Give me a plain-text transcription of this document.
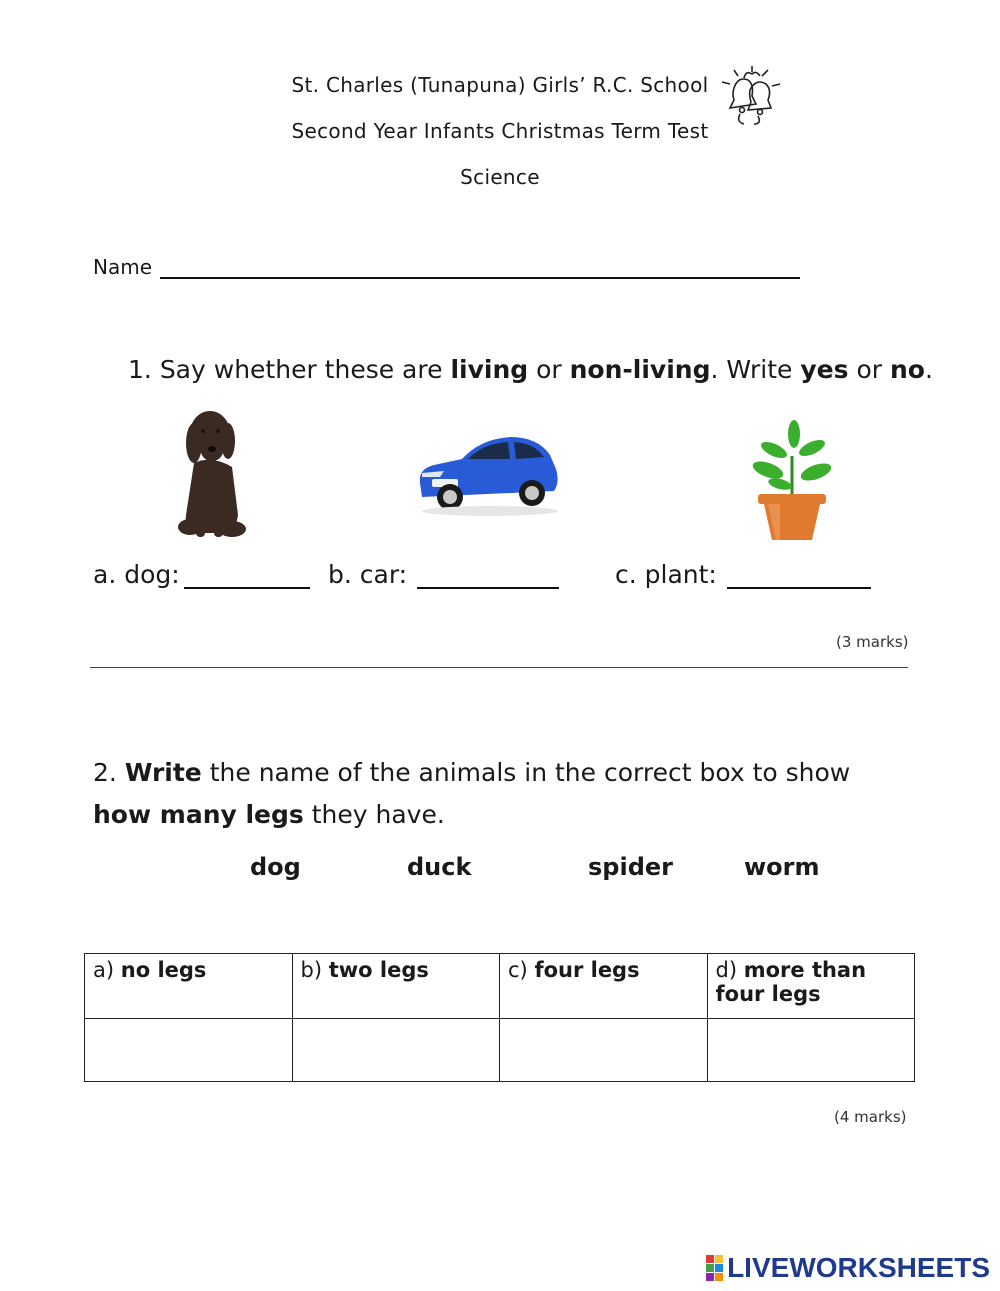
St. Charles (Tunapuna) Girls’ R.C. School
Second Year Infants Christmas Term Test
Science
Name
1. Say whether these are living or non-living. Write yes or no.
a. dog:	b. car:	c. plant:
(3 marks)
2. Write the name of the animals in the correct box to show how many legs they have.
dog	duck	spider	worm
a) no legs	b) two legs	c) four legs	d) more than four legs

(4 marks)
LIVEWORKSHEETS
